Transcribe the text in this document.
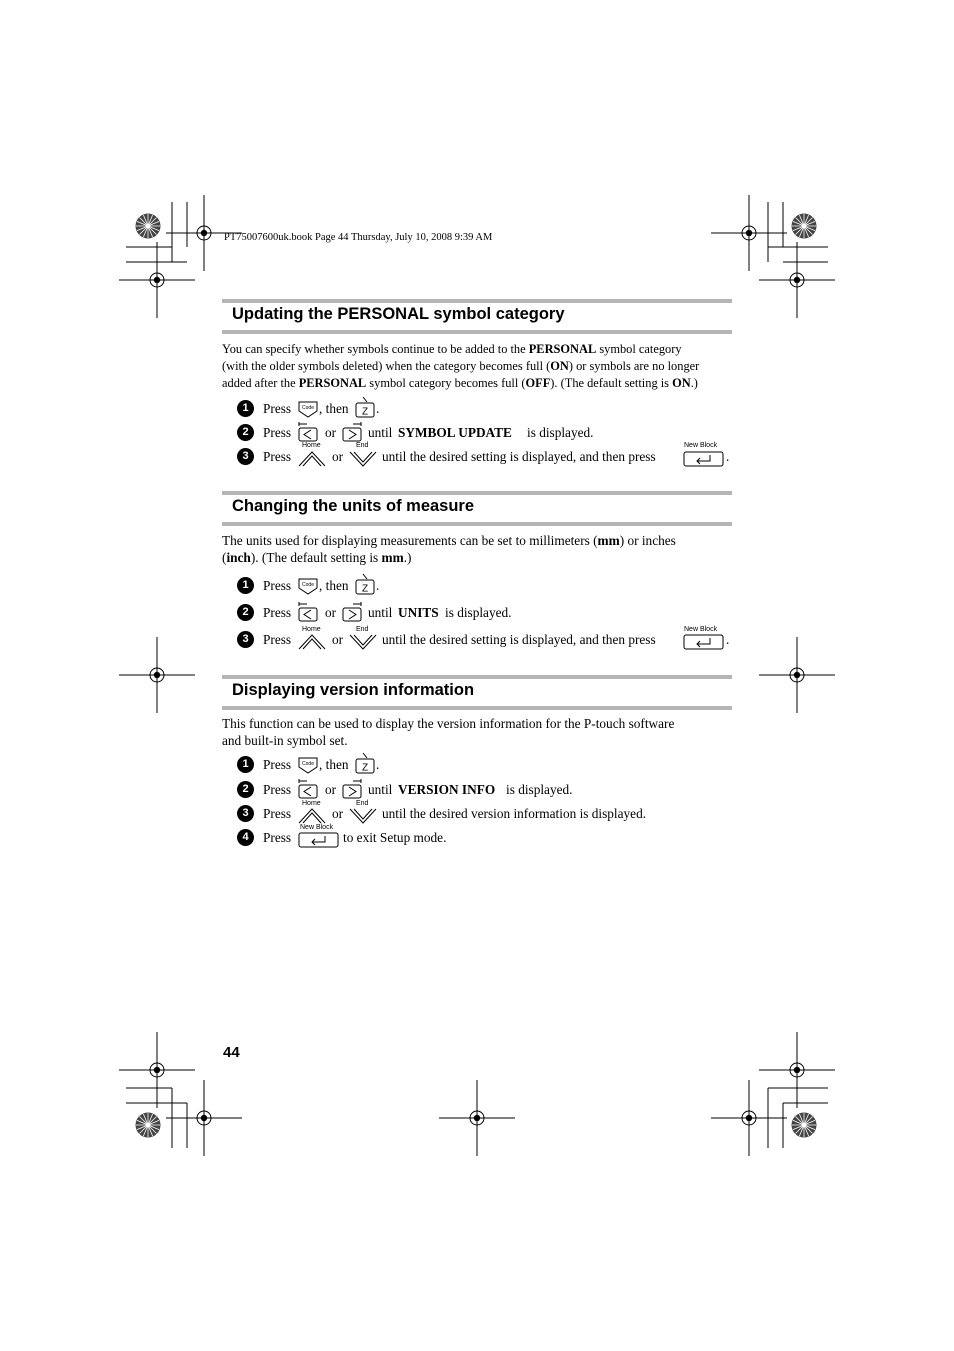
PT75007600uk.book Page 44 Thursday, July 10, 2008 9:39 AM
Updating the PERSONAL symbol category
You can specify whether symbols continue to be added to the PERSONAL symbol category
(with the older symbols deleted) when the category becomes full (ON) or symbols are no longer
added after the PERSONAL symbol category becomes full (OFF). (The default setting is ON.)
1	Press Code , then Z .
2	Press	or until SYMBOL UPDATE is displayed.
3	Press
Home
or
End
until the desired setting is displayed, and then press
New Block
.
Changing the units of measure
The units used for displaying measurements can be set to millimeters (mm) or inches
(inch). (The default setting is mm.)
1	Press Code , then Z .
2	Press	or until UNITS is displayed.
3	Press
Home
or
End
until the desired setting is displayed, and then press
New Block
.
Displaying version information
This function can be used to display the version information for the P-touch software
and built-in symbol set.
1	Press Code , then Z .
2	Press	or until VERSION INFO is displayed.
3	Press
Home
or
End
until the desired version information is displayed.
4	Press
New Block
to exit Setup mode.
44
